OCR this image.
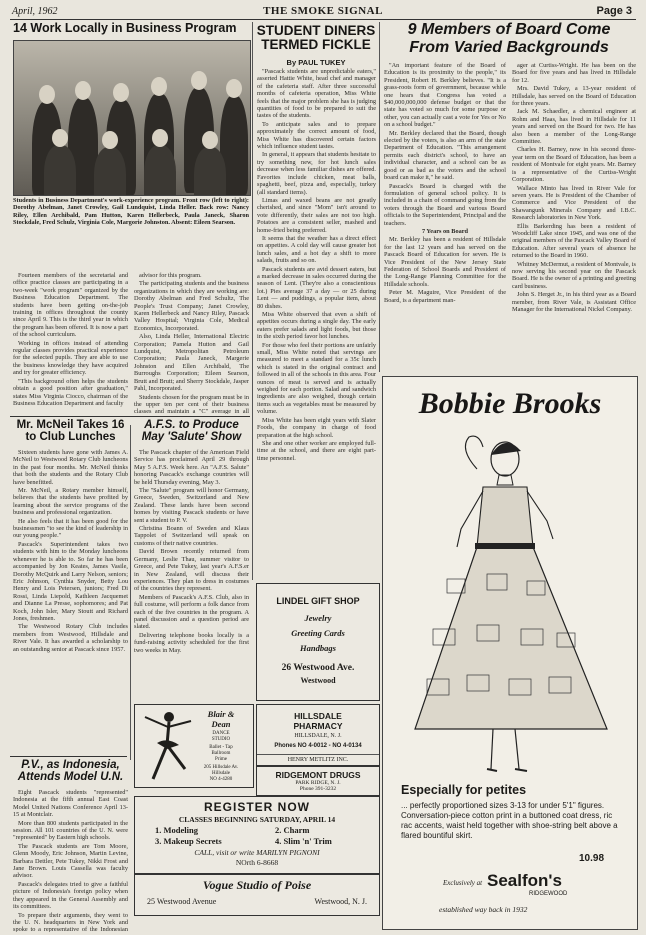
April, 1962	THE SMOKE SIGNAL	Page 3
14 Work Locally in Business Program
Students in Business Department's work-experience program. Front row (left to right): Dorothy Abelman, Janet Crowley, Gail Lundquist, Linda Heller. Back row: Nancy Riley, Ellen Archibald, Pam Hutton, Karen Hellerbeck, Paula Janeck, Sharon Stockdale, Fred Schulz, Virginia Cole, Margorie Johnston. Absent: Eileen Searson.

Fourteen members of the secretarial and office practice classes are participating in a two-week "work program" organized by the Business Education Department. The students have been getting on-the-job training in offices throughout the county since April 9. This is the third year in which the program has been offered. It is now a part of the school curriculum.

Working in offices instead of attending regular classes provides practical experience for the selected pupils. They are able to use the business knowledge they have acquired and try for greater efficiency.

"This background often helps the students obtain a good position after graduation," states Miss Virginia Ciocco, chairman of the Business Education Department and faculty

advisor for this program.

The participating students and the business organizations in which they are working are: Dorothy Abelman and Fred Schultz, The People's Trust Company; Janet Crowley, Karen Hellerbeck and Nancy Riley, Pascack Valley Hospital; Virginia Cole, Medical Economics, Incorporated.

Also, Linda Heller, International Electric Corporation; Pamela Hutton and Gail Lundquist, Metropolitan Petroleum Corporation; Paula Janeck, Margerie Johnston and Ellen Archibald, The Burroughs Corporation; Eileen Searson, Brutt and Brutt; and Sherry Stockdale, Jasper Pahl, Incorporated.

Students chosen for the program must be in the upper ten per cent of their business classes and maintain a "C" average in all

Mr. McNeil Takes 16 to Club Lunches

Sixteen students have gone with James A. McNeil to Westwood Rotary Club luncheons in the past four months. Mr. McNeil thinks that both the students and the Rotary Club have benefitted.

Mr. McNeil, a Rotary member himself, believes that the students have profited by learning about the service programs of the business and professional organization.

He also feels that it has been good for the businessmen "to see the kind of leadership in our young people."

Pascack's Superintendent takes two students with him to the Monday luncheons whenever he is able to. So far he has been accompanied by Jon Keates, James Vasile, Dorothy McQuirk and Larry Nelson, seniors; Eric Johnson, Cynthia Snyder, Betty Lou Henry and Lois Petersen, juniors; Fred Di Rossi, Linda Liepold, Kathleen Jacquemet and Dianne La Presse, sophomores; and Pat Koch, John Isler, Mary Stoutt and Richard Jones, freshmen.

The Westwood Rotary Club includes members from Westwood, Hillsdale and River Vale. It has awarded a scholarship to an outstanding senior at Pascack since 1957.

A.F.S. to Produce May 'Salute' Show

The Pascack chapter of the American Field Service has proclaimed April 29 through May 5 A.F.S. Week here. An "A.F.S. Salute" honoring Pascack's exchange countries will be held Thursday evening, May 3.

The "Salute" program will honor Germany, Greece, Sweden, Switzerland and New Zealand. These lands have been second homes by visiting Pascack students or have sent a student to P. V.

Christina Boann of Sweden and Klaus Tappolet of Switzerland will speak on customs of their native countries.

David Brown recently returned from Germany, Leslie Thau, summer visitor to Greece, and Pete Tukey, last year's A.F.S.er in New Zealand, will discuss their experiences. They plan to dress in costumes of the countries they represent.

Members of Pascack's A.F.S. Club, also in full costume, will perform a folk dance from each of the five countries in the program. A panel discussion and a question period are slated.

Delivering telephone books locally is a fund-raising activity scheduled for the first two weeks in May.

P.V., as Indonesia, Attends Model U.N.

Eight Pascack students "represented" Indonesia at the fifth annual East Coast Model United Nations Conference April 13-15 at Montclair.

More than 800 students participated in the session. All 101 countries of the U. N. were "represented" by Eastern high schools.

The Pascack students are Tom Moore, Glenn Moody, Eric Johnson, Martin Levine, Barbara Dettler, Pete Tukey, Nikki Frost and Jane Brown. Louis Cassella was faculty advisor.

Pascack's delegates tried to give a faithful picture of Indonesia's foreign policy when they appeared in the General Assembly and its committees.

To prepare their arguments, they went to the U. N. headquarters in New York and spoke to a representative of the Indonesian

STUDENT DINERS TERMED FICKLE
By PAUL TUKEY

"Pascack students are unpredictable eaters," asserted Hattie White, head chef and manager of the cafeteria staff. After three successful months of cafeteria operation, Miss White feels that the major problem she has is judging quantities of food to be prepared to suit the tastes of the students.

To anticipate sales and to prepare approximately the correct amount of food, Miss White has discovered certain factors which influence student tastes.

In general, it appears that students hesitate to try something new, for hot lunch sales decrease when less familiar dishes are offered. Favorites include chicken, meat balls, spaghetti, beef, pizza and, especially, turkey (all standard items).

Limas and waxed beans are not greatly cherished, and since "Mom" isn't around to vote differently, their sales are not too high. Potatoes are a consistent seller, mashed and home-fried being preferred.

It seems that the weather has a direct effect on appetites. A cold day will cause greater hot lunch sales, and a hot day a shift to more salads, fruits and so on.

Pascack students are avid dessert eaters, but a marked decrease in sales occurred during the season of Lent. (They're also a conscientious lot.) Pies average 37 a day — or 25 during Lent — and puddings, a popular item, about 80 dishes.

Miss White observed that even a shift of appetites occurs during a single day. The early eaters prefer salads and light foods, but those in the sixth period favor hot lunches.

For those who feel their portions are unfairly small, Miss White noted that servings are measured to meet a standard for a 35c lunch which is stated in the original contract and followed in all of the schools in this area. Four ounces of meat is served and is actually weighed for each portion. Salad and sandwich ingredients are also weighed, though certain items such as vegetables must be measured by volume.

Miss White has been eight years with Slater Foods, the company in charge of food preparation at the high school.

She and one other worker are employed full-time at the school, and there are eight part-time personnel.

9 Members of Board Come
From Varied Backgrounds

"An important feature of the Board of Education is its proximity to the people," its President, Robert H. Berkley believes. "It is a grass-roots form of government, because while one hears that Congress has voted a $40,000,000,000 defense budget or that the state has voted so much for some purpose or other, you can actually cast a vote for Yes or No on a school budget."

Mr. Berkley declared that the Board, though elected by the voters, is also an arm of the state Department of Education. "This arrangement permits each district's school, to have an individual character, and a school can be as good or as bad as the voters and the school board can make it," he said.

Pascack's Board is charged with the formulation of general school policy. It is included in a chain of command going from the voters through the Board and various Board officials to the Superintendent, Principal and the teachers.

7 Years on Board

Mr. Berkley has been a resident of Hillsdale for the last 12 years and has served on the Pascack Board of Education for seven. He is Vice President of the New Jersey State Federation of School Boards and President of the Long-Range Planning Committee for the Hillsdale schools.

Peter M. Maguire, Vice President of the Board, is a department man-

ager at Curtiss-Wright. He has been on the Board for five years and has lived in Hillsdale for 12.

Mrs. David Tukey, a 13-year resident of Hillsdale, has served on the Board of Education for three years.

Jack M. Schaedler, a chemical engineer at Rohm and Haas, has lived in Hillsdale for 11 years and served on the Board for two. He has also been a member of the Long-Range Committee.

Charles H. Barney, now in his second three-year term on the Board of Education, has been a resident of Montvale for eight years. Mr. Barney is a representative of the Curtiss-Wright Corporation.

Wallace Minto has lived in River Vale for seven years. He is President of the Chamber of Commerce and Vice President of the Shawangunk Minerals Company and I.B.C. Research laboratories in New York.

Ellis Barkerding has been a resident of Woodcliff Lake since 1945, and was one of the original members of the Pascack Valley Board of Education. After several years of absence he returned to the Board in 1960.

Whitney McDermut, a resident of Montvale, is now serving his second year on the Pascack Board. He is the owner of a printing and greeting card business.

John S. Herget Jr., in his third year as a Board member, from River Vale, is Assistant Office Manager for the International Nickel Company.

Bobbie Brooks
Especially for petites
... perfectly proportioned sizes 3-13 for under 5'1" figures. Conversation-piece cotton print in a buttoned coat dress, ric rac accents, waist held together with shoe-string belt above a flared bountiful skirt.
10.98
Exclusively at Sealfon's
RIDGEWOOD
established way back in 1932
LINDEL GIFT SHOP
Jewelry
Greeting Cards
Handbags
26 Westwood Ave.
Westwood
Blair &
Dean
DANCE
STUDIO
Ballet - Tap
Ballroom
Prime
205 Hillsdale Av.
Hillsdale
NO 4-4280
HILLSDALE
PHARMACY
HILLSDALE, N. J.
Phones NO 4-0012 - NO 4-0134
HENRY METLITZ INC.
RIDGEMONT DRUGS
PARK RIDGE, N. J.
Phone 391-3232
REGISTER NOW
CLASSES BEGINNING SATURDAY, APRIL 14
1. Modeling	2. Charm
3. Makeup Secrets	4. Slim 'n' Trim
CALL, visit or write MARILYN PIGNONI
NOrth 6-8668
Vogue Studio of Poise
25 Westwood Avenue	Westwood, N. J.
